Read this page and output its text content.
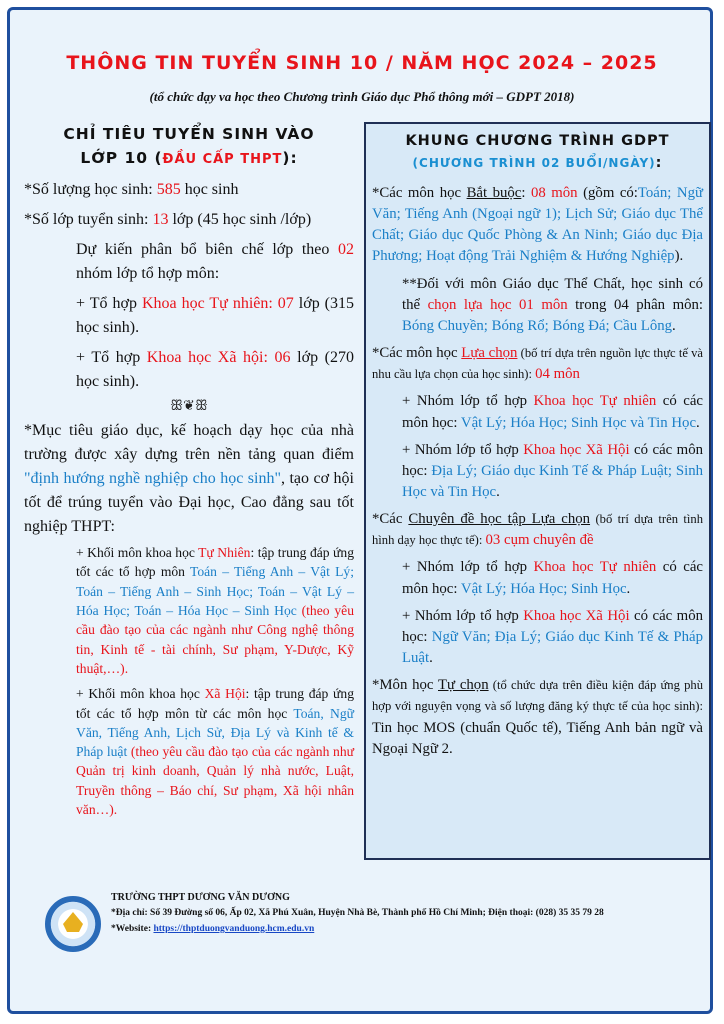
THÔNG TIN TUYỂN SINH 10 / NĂM HỌC 2024 – 2025
(tổ chức dạy va học theo Chương trình Giáo dục Phổ thông mới – GDPT 2018)
CHỈ TIÊU TUYỂN SINH VÀO
LỚP 10 (ĐẦU CẤP THPT):

*Số lượng học sinh: 585 học sinh

*Số lớp tuyển sinh: 13 lớp (45 học sinh /lớp)

Dự kiến phân bổ biên chế lớp theo 02 nhóm lớp tổ hợp môn:

+ Tổ hợp Khoa học Tự nhiên: 07 lớp (315 học sinh).

+ Tổ hợp Khoa học Xã hội: 06 lớp (270 học sinh).

ꕥ❦ꕥ

*Mục tiêu giáo dục, kế hoạch dạy học của nhà trường được xây dựng trên nền tảng quan điểm "định hướng nghề nghiệp cho học sinh", tạo cơ hội tốt để trúng tuyển vào Đại học, Cao đẳng sau tốt nghiệp THPT:

+ Khối môn khoa học Tự Nhiên: tập trung đáp ứng tốt các tổ hợp môn Toán – Tiếng Anh – Vật Lý; Toán – Tiếng Anh – Sinh Học; Toán – Vật Lý – Hóa Học; Toán – Hóa Học – Sinh Học (theo yêu cầu đào tạo của các ngành như Công nghệ thông tin, Kinh tế - tài chính, Sư phạm, Y-Dược, Kỹ thuật,…).

+ Khối môn khoa học Xã Hội: tập trung đáp ứng tốt các tổ hợp môn từ các môn học Toán, Ngữ Văn, Tiếng Anh, Lịch Sử, Địa Lý và Kinh tế & Pháp luật (theo yêu cầu đào tạo của các ngành như Quản trị kinh doanh, Quản lý nhà nước, Luật, Truyền thông – Báo chí, Sư phạm, Xã hội nhân văn…).

KHUNG CHƯƠNG TRÌNH GDPT
(CHƯƠNG TRÌNH 02 BUỔI/NGÀY):

*Các môn học Bắt buộc: 08 môn (gồm có:Toán; Ngữ Văn; Tiếng Anh (Ngoại ngữ 1); Lịch Sử; Giáo dục Thể Chất; Giáo dục Quốc Phòng & An Ninh; Giáo dục Địa Phương; Hoạt động Trải Nghiệm & Hướng Nghiệp).

**Đối với môn Giáo dục Thể Chất, học sinh có thể chọn lựa học 01 môn trong 04 phân môn: Bóng Chuyền; Bóng Rổ; Bóng Đá; Cầu Lông.

*Các môn học Lựa chọn (bố trí dựa trên nguồn lực thực tế và nhu cầu lựa chọn của học sinh): 04 môn

+ Nhóm lớp tổ hợp Khoa học Tự nhiên có các môn học: Vật Lý; Hóa Học; Sinh Học và Tin Học.

+ Nhóm lớp tổ hợp Khoa học Xã Hội có các môn học: Địa Lý; Giáo dục Kinh Tế & Pháp Luật; Sinh Học và Tin Học.

*Các Chuyên đề học tập Lựa chọn (bố trí dựa trên tình hình dạy học thực tế): 03 cụm chuyên đề

+ Nhóm lớp tổ hợp Khoa học Tự nhiên có các môn học: Vật Lý; Hóa Học; Sinh Học.

+ Nhóm lớp tổ hợp Khoa học Xã Hội có các môn học: Ngữ Văn; Địa Lý; Giáo dục Kinh Tế & Pháp Luật.

*Môn học Tự chọn (tổ chức dựa trên điều kiện đáp ứng phù hợp với nguyện vọng và số lượng đăng ký thực tế của học sinh): Tin học MOS (chuẩn Quốc tế), Tiếng Anh bản ngữ và Ngoại Ngữ 2.

TRƯỜNG THPT DƯƠNG VĂN DƯƠNG
*Địa chỉ: Số 39 Đường số 06, Ấp 02, Xã Phú Xuân, Huyện Nhà Bè, Thành phố Hồ Chí Minh; Điện thoại: (028) 35 35 79 28
*Website: https://thptduongvanduong.hcm.edu.vn
